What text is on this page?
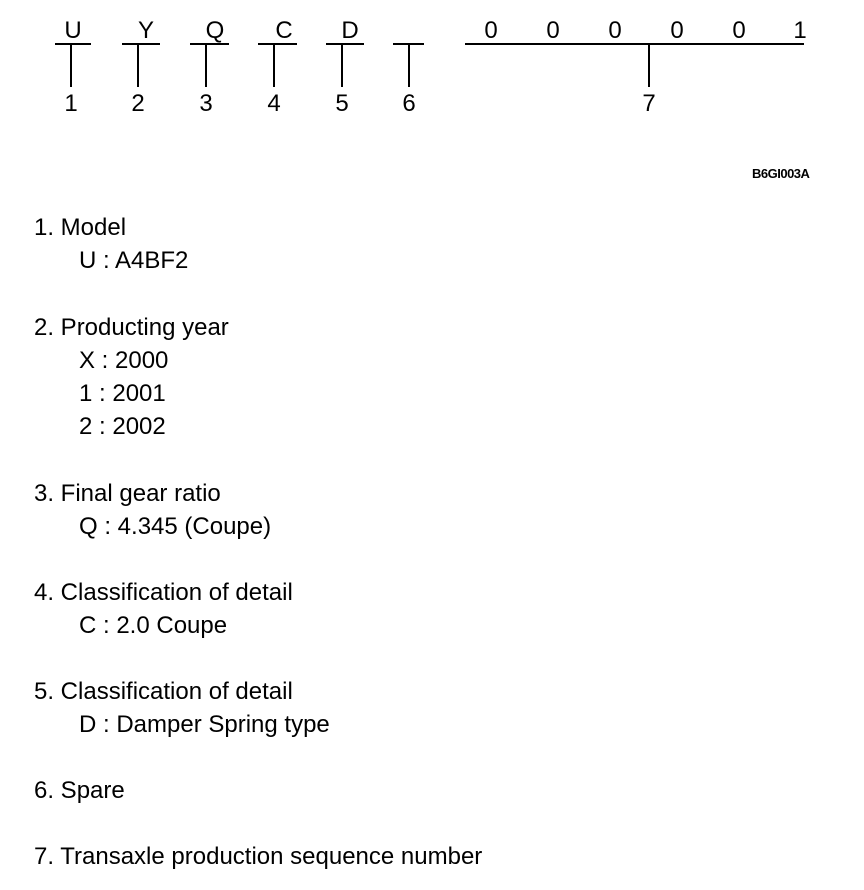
U
1
Y
2
Q
3
C
4
D
5 6
0 0 0 0 0 1
7
B6GI003A
1. Model
U : A4BF2
2. Producting year
X : 2000
1 : 2001
2 : 2002
3. Final gear ratio
Q : 4.345 (Coupe)
4. Classification of detail
C : 2.0 Coupe
5. Classification of detail
D : Damper Spring type
6. Spare
7. Transaxle production sequence number
